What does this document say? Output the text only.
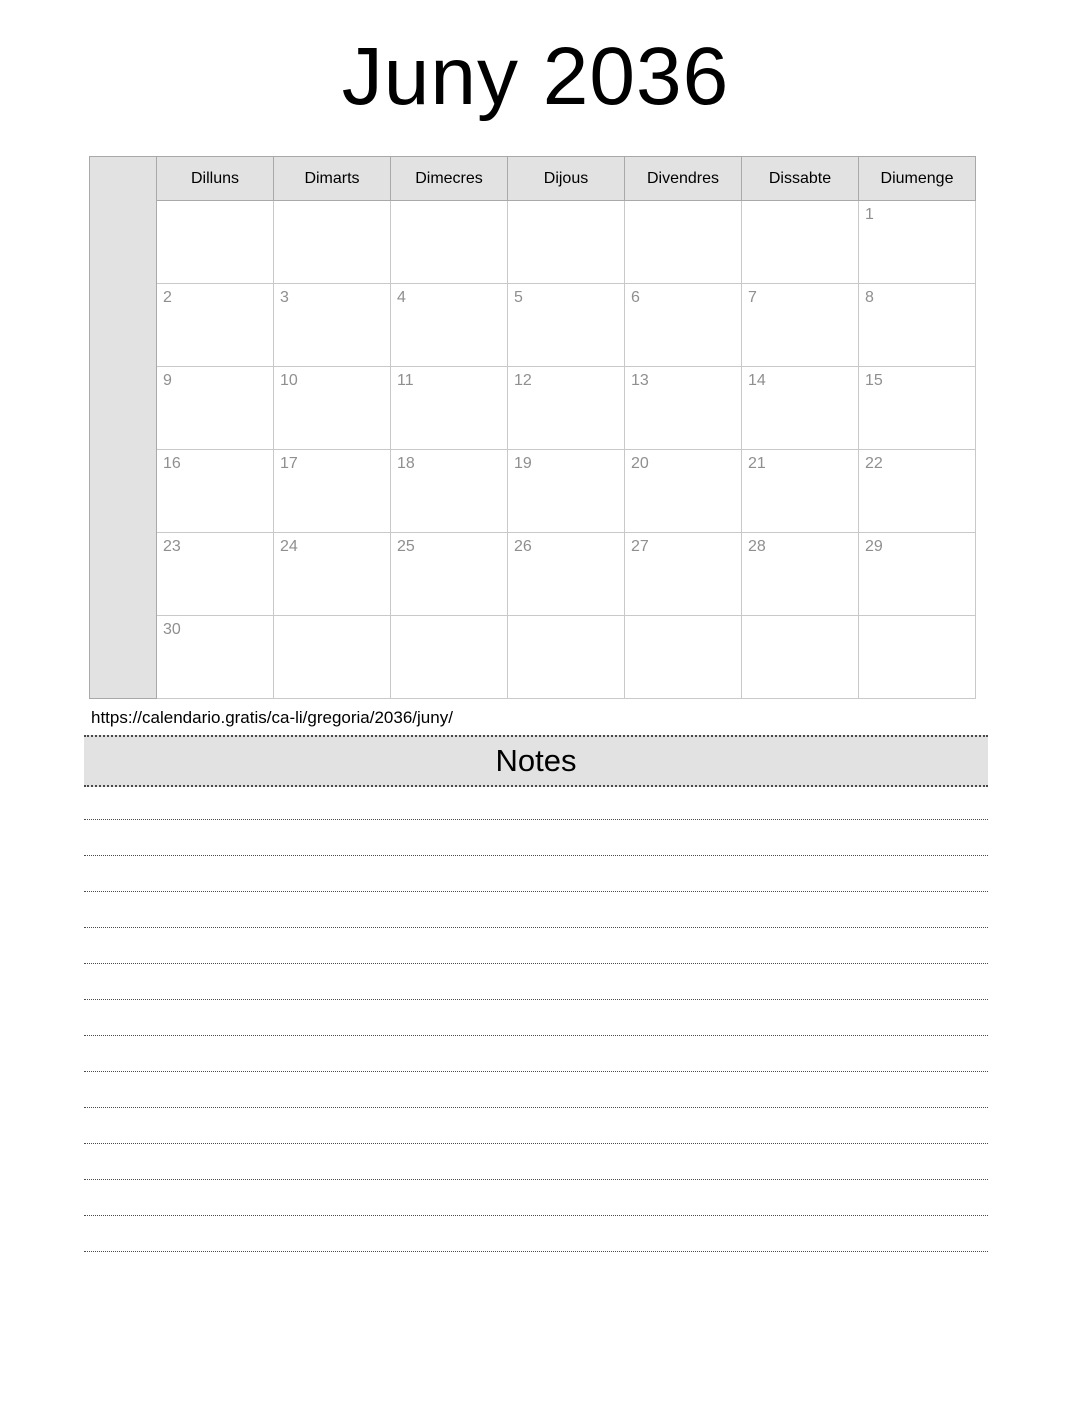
Juny 2036
	Dilluns	Dimarts	Dimecres	Dijous	Divendres	Dissabte	Diumenge
							1
	2	3	4	5	6	7	8
	9	10	11	12	13	14	15
	16	17	18	19	20	21	22
	23	24	25	26	27	28	29
	30						
https://calendario.gratis/ca-li/gregoria/2036/juny/
Notes
